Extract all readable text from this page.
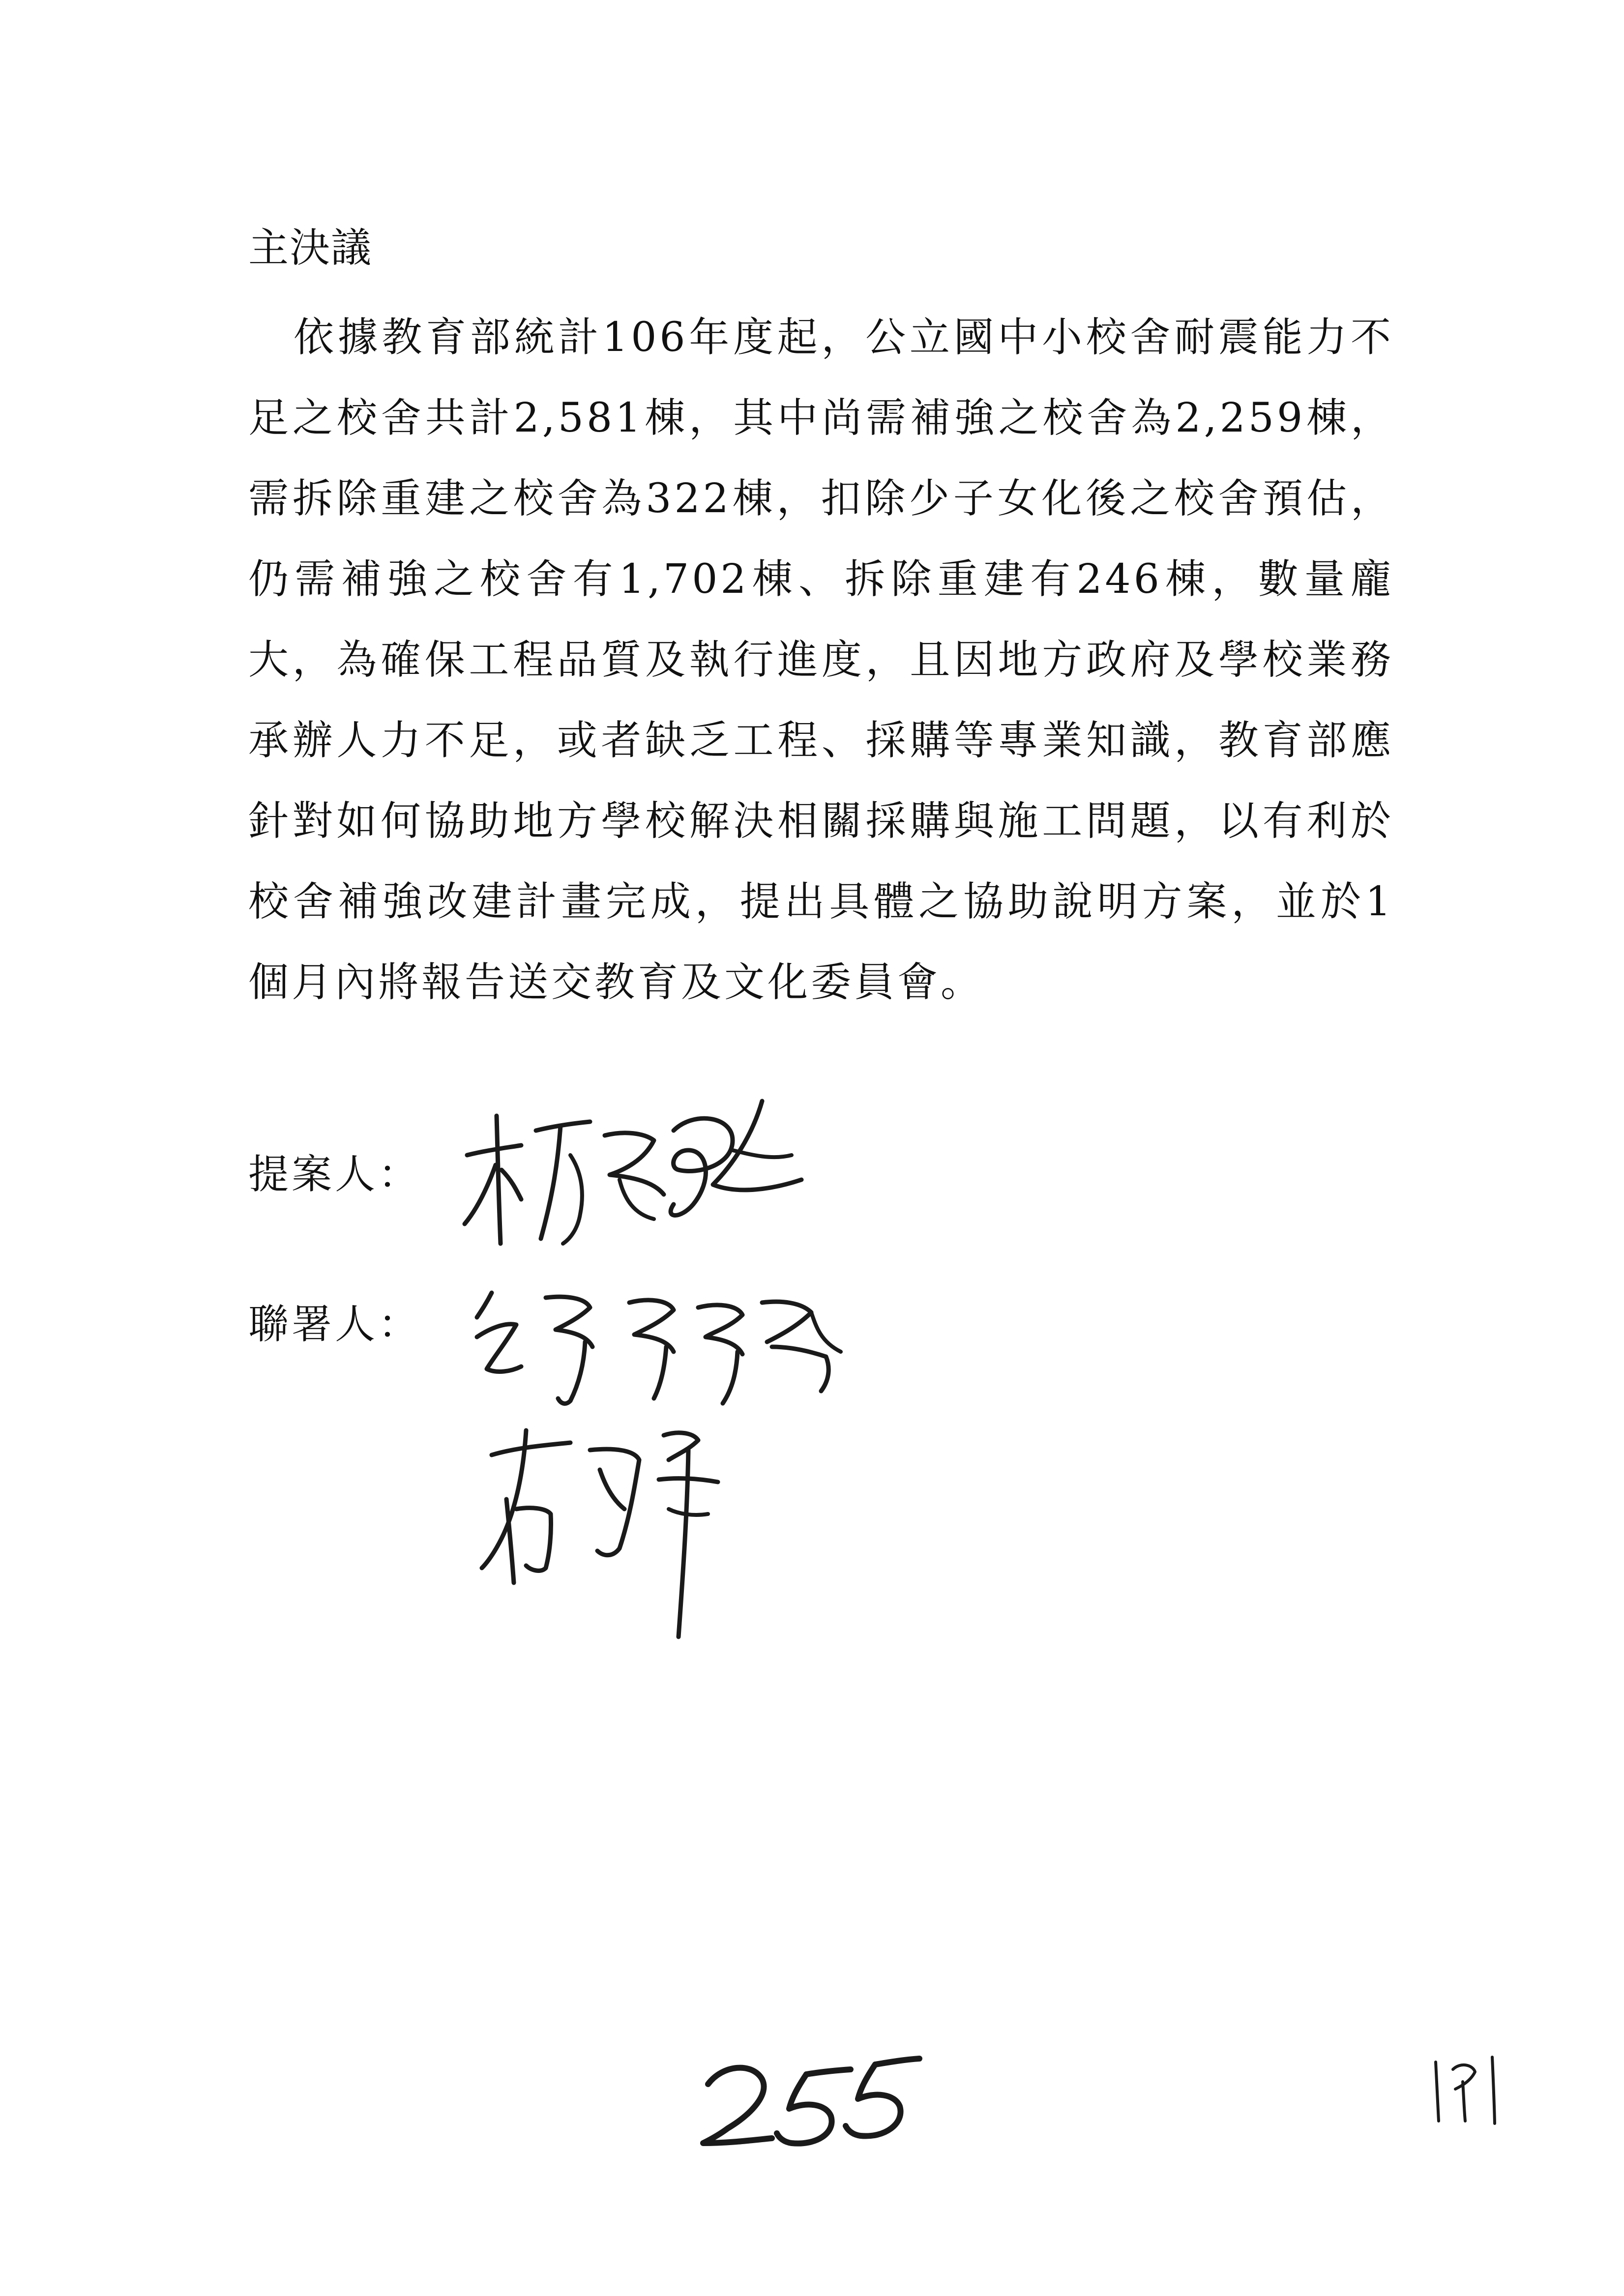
主決議

依據教育部統計106年度起，公立國中小校舍耐震能力不足之校舍共計2,581棟，其中尚需補強之校舍為2,259棟，需拆除重建之校舍為322棟，扣除少子女化後之校舍預估，仍需補強之校舍有1,702棟、拆除重建有246棟，數量龐大，為確保工程品質及執行進度，且因地方政府及學校業務承辦人力不足，或者缺乏工程、採購等專業知識，教育部應針對如何協助地方學校解決相關採購與施工問題，以有利於校舍補強改建計畫完成，提出具體之協助說明方案，並於1個月內將報告送交教育及文化委員會。

提案人：
聯署人：
